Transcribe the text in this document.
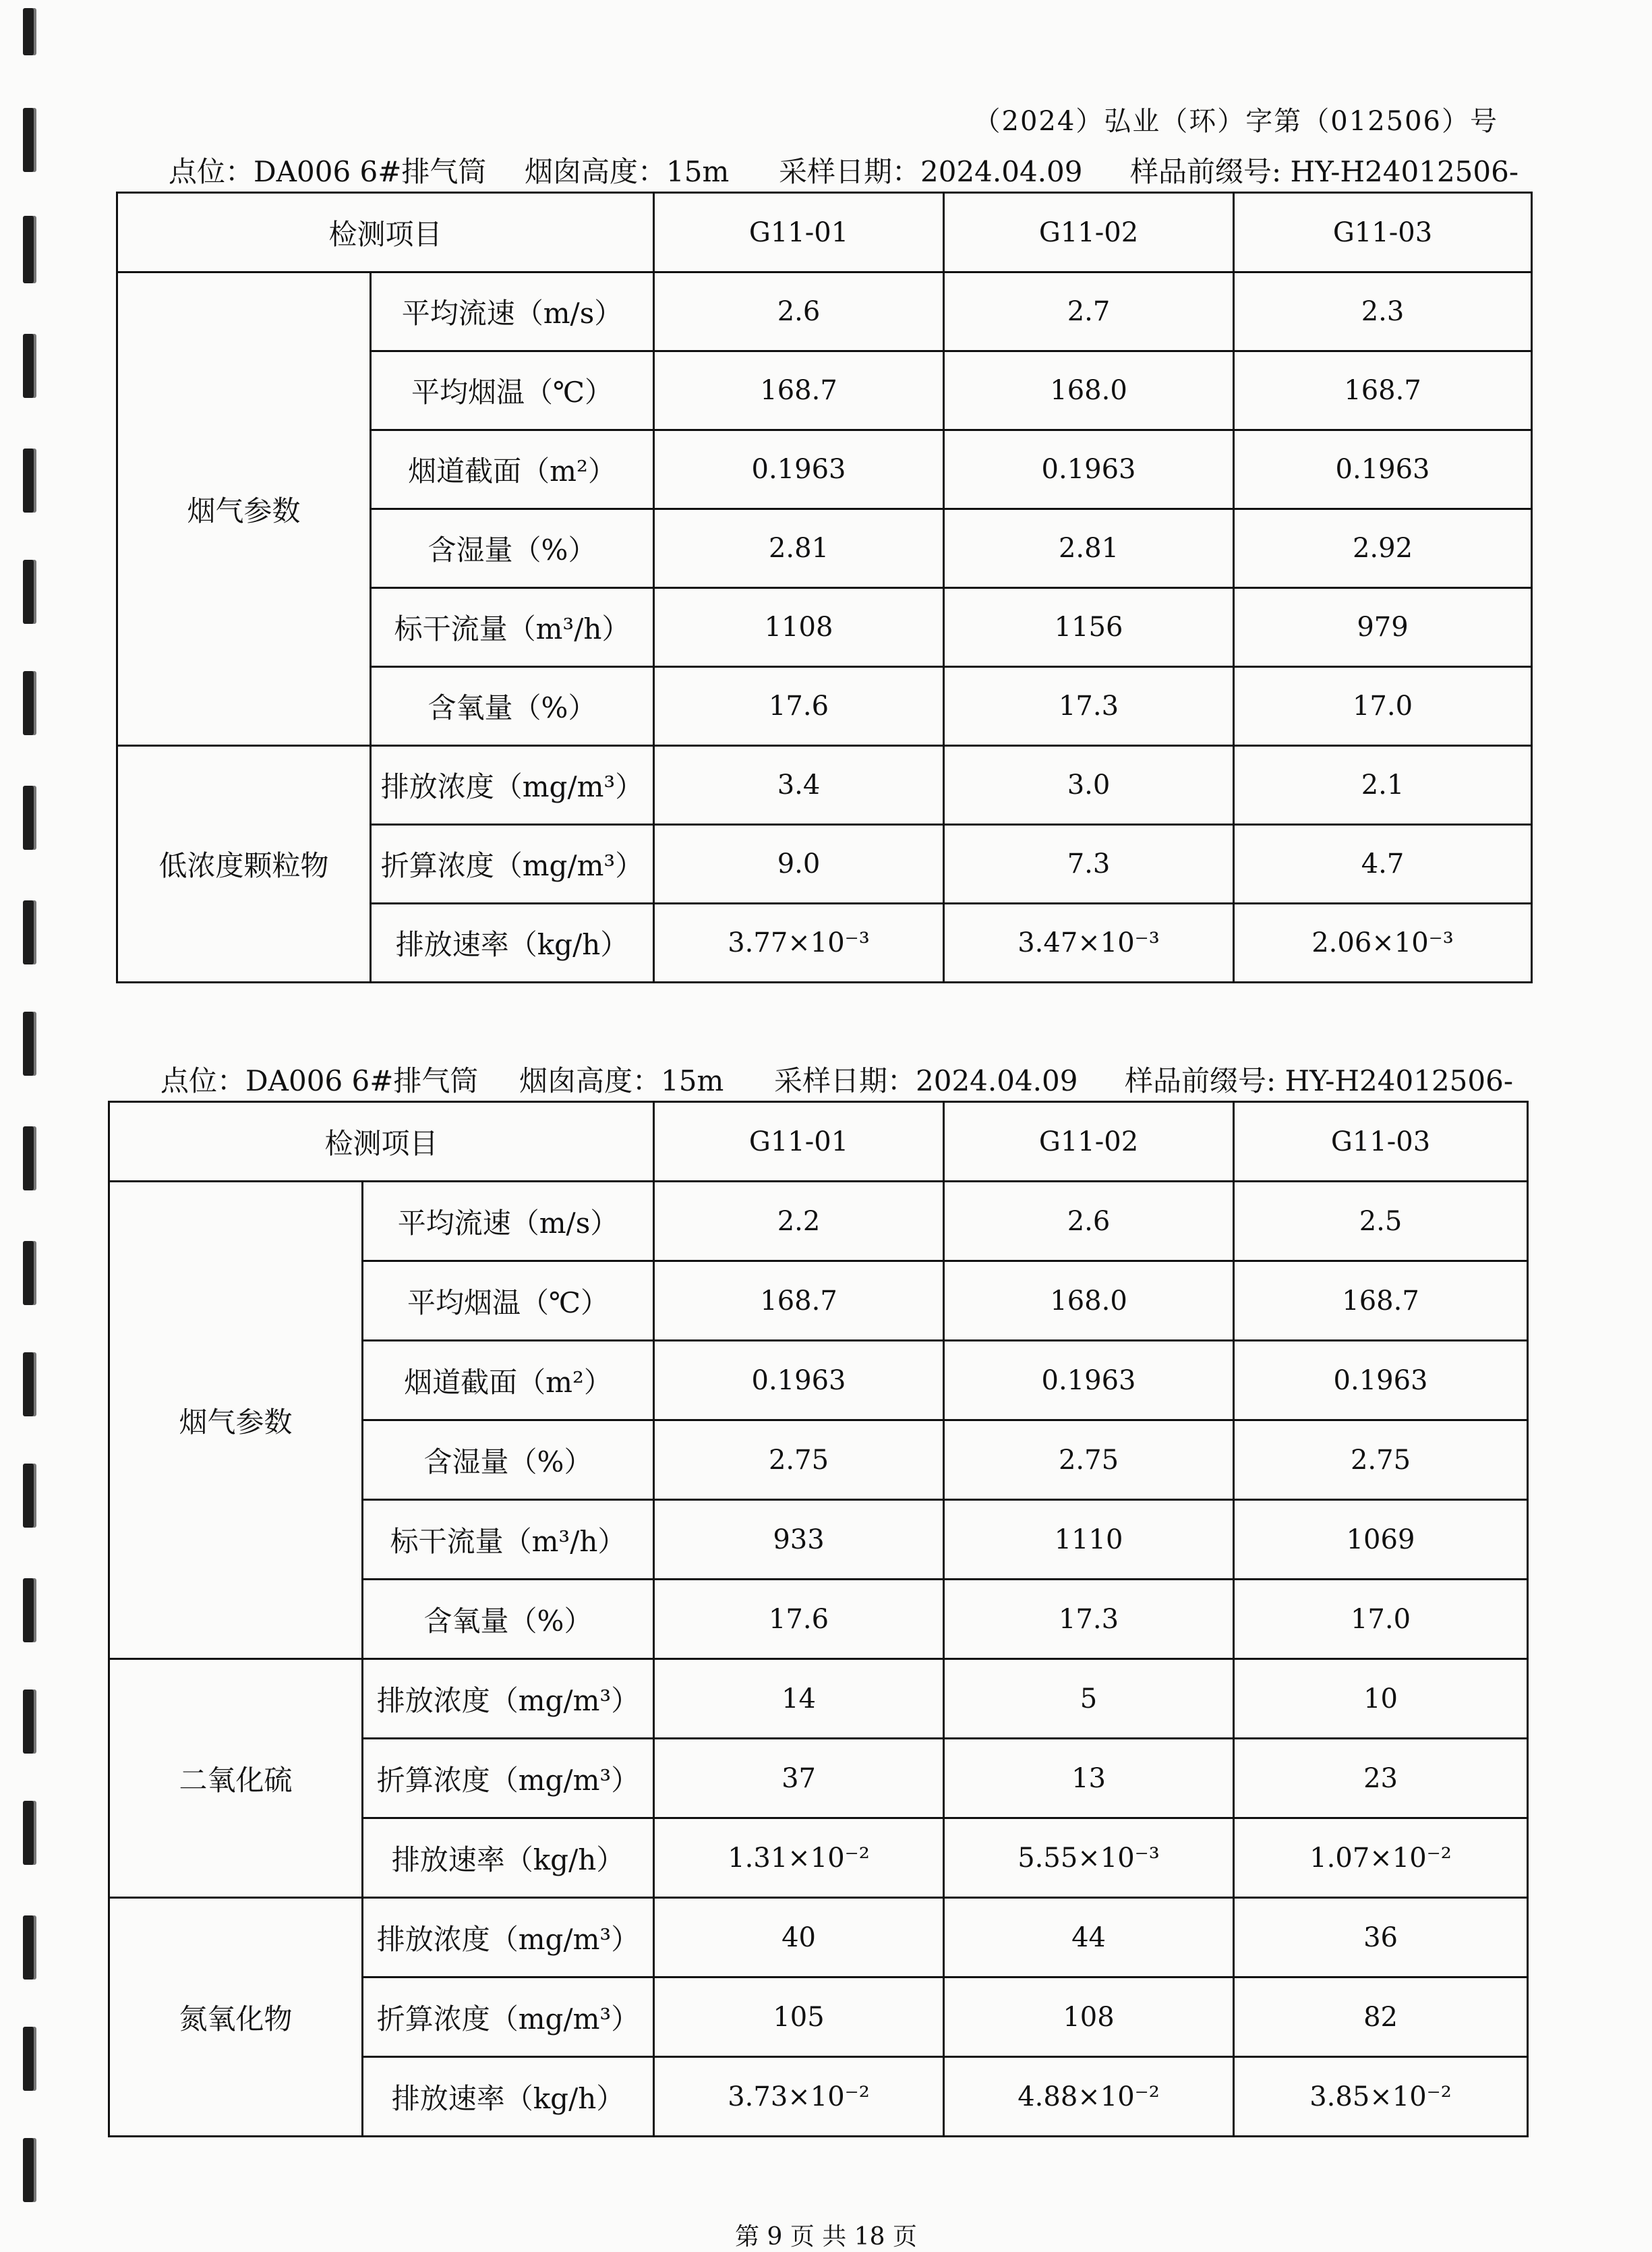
（2024）弘业（环）字第（012506）号
点位：DA006 6#排气筒 烟囱高度：15m 采样日期：2024.04.09 样品前缀号: HY-H24012506-
检测项目		G11-01	G11-02	G11-03
烟气参数	平均流速（m/s）	2.6	2.7	2.3
	平均烟温（℃）	168.7	168.0	168.7
	烟道截面（m²）	0.1963	0.1963	0.1963
	含湿量（%）	2.81	2.81	2.92
	标干流量（m³/h）	1108	1156	979
	含氧量（%）	17.6	17.3	17.0
低浓度颗粒物	排放浓度（mg/m³）	3.4	3.0	2.1
	折算浓度（mg/m³）	9.0	7.3	4.7
	排放速率（kg/h）	3.77×10⁻³	3.47×10⁻³	2.06×10⁻³
点位：DA006 6#排气筒 烟囱高度：15m 采样日期：2024.04.09 样品前缀号: HY-H24012506-
检测项目		G11-01	G11-02	G11-03
烟气参数	平均流速（m/s）	2.2	2.6	2.5
	平均烟温（℃）	168.7	168.0	168.7
	烟道截面（m²）	0.1963	0.1963	0.1963
	含湿量（%）	2.75	2.75	2.75
	标干流量（m³/h）	933	1110	1069
	含氧量（%）	17.6	17.3	17.0
二氧化硫	排放浓度（mg/m³）	14	5	10
	折算浓度（mg/m³）	37	13	23
	排放速率（kg/h）	1.31×10⁻²	5.55×10⁻³	1.07×10⁻²
氮氧化物	排放浓度（mg/m³）	40	44	36
	折算浓度（mg/m³）	105	108	82
	排放速率（kg/h）	3.73×10⁻²	4.88×10⁻²	3.85×10⁻²
第 9 页 共 18 页
